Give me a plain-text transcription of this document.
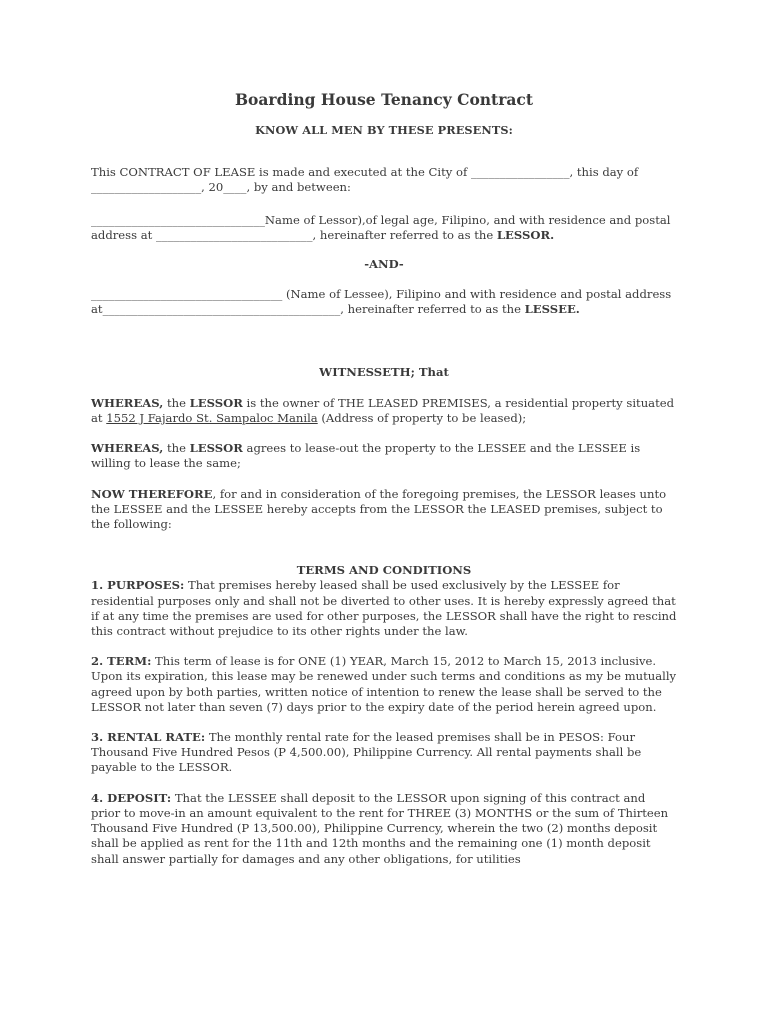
Boarding House Tenancy Contract
KNOW ALL MEN BY THESE PRESENTS:

This CONTRACT OF LEASE is made and executed at the City of _________________, this day of ___________________, 20____, by and between:

______________________________Name of Lessor),of legal age, Filipino, and with residence and postal address at ___________________________, hereinafter referred to as the LESSOR.

-AND-

_________________________________ (Name of Lessee), Filipino and with residence and postal address at_________________________________________, hereinafter referred to as the LESSEE.

WITNESSETH; That

WHEREAS, the LESSOR is the owner of THE LEASED PREMISES, a residential property situated at 1552 J Fajardo St. Sampaloc Manila (Address of property to be leased);

WHEREAS, the LESSOR agrees to lease-out the property to the LESSEE and the LESSEE is willing to lease the same;

NOW THEREFORE, for and in consideration of the foregoing premises, the LESSOR leases unto the LESSEE and the LESSEE hereby accepts from the LESSOR the LEASED premises, subject to the following:

TERMS AND CONDITIONS

1. PURPOSES: That premises hereby leased shall be used exclusively by the LESSEE for residential purposes only and shall not be diverted to other uses. It is hereby expressly agreed that if at any time the premises are used for other purposes, the LESSOR shall have the right to rescind this contract without prejudice to its other rights under the law.

2. TERM: This term of lease is for ONE (1) YEAR, March 15, 2012 to March 15, 2013 inclusive. Upon its expiration, this lease may be renewed under such terms and conditions as my be mutually agreed upon by both parties, written notice of intention to renew the lease shall be served to the LESSOR not later than seven (7) days prior to the expiry date of the period herein agreed upon.

3. RENTAL RATE: The monthly rental rate for the leased premises shall be in PESOS: Four Thousand Five Hundred Pesos (P 4,500.00), Philippine Currency. All rental payments shall be payable to the LESSOR.

4. DEPOSIT: That the LESSEE shall deposit to the LESSOR upon signing of this contract and prior to move-in an amount equivalent to the rent for THREE (3) MONTHS or the sum of Thirteen Thousand Five Hundred (P 13,500.00), Philippine Currency, wherein the two (2) months deposit shall be applied as rent for the 11th and 12th months and the remaining one (1) month deposit shall answer partially for damages and any other obligations, for utilities
